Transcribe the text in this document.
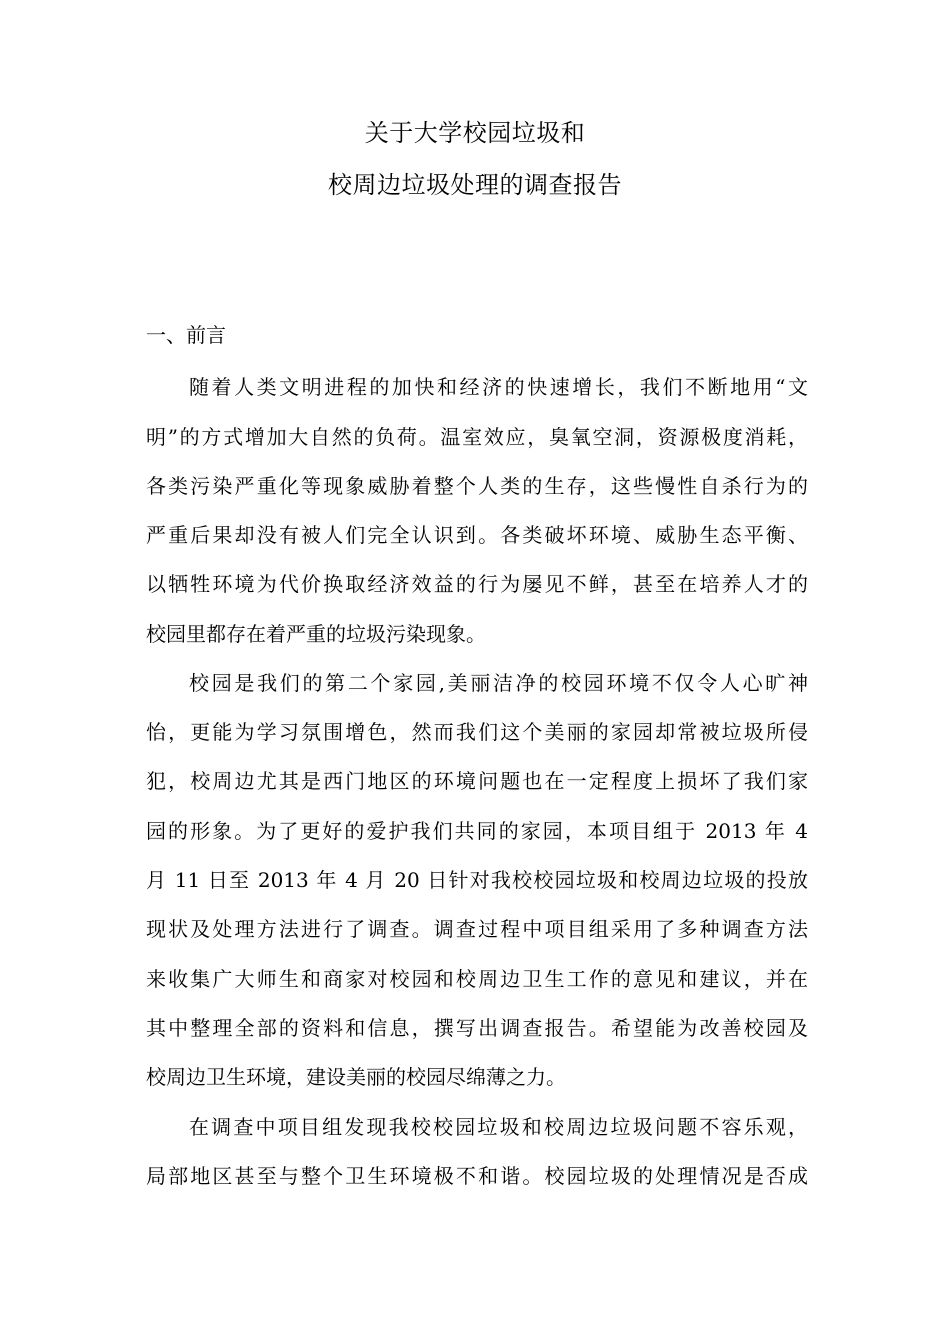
关于大学校园垃圾和
校周边垃圾处理的调查报告
一、前言
随着人类文明进程的加快和经济的快速增长，我们不断地用“文
明”的方式增加大自然的负荷。温室效应，臭氧空洞，资源极度消耗，
各类污染严重化等现象威胁着整个人类的生存，这些慢性自杀行为的
严重后果却没有被人们完全认识到。各类破坏环境、威胁生态平衡、
以牺牲环境为代价换取经济效益的行为屡见不鲜，甚至在培养人才的
校园里都存在着严重的垃圾污染现象。
校园是我们的第二个家园,美丽洁净的校园环境不仅令人心旷神
怡，更能为学习氛围增色，然而我们这个美丽的家园却常被垃圾所侵
犯，校周边尤其是西门地区的环境问题也在一定程度上损坏了我们家
园的形象。为了更好的爱护我们共同的家园，本项目组于 2013 年 4
月 11 日至 2013 年 4 月 20 日针对我校校园垃圾和校周边垃圾的投放
现状及处理方法进行了调查。调查过程中项目组采用了多种调查方法
来收集广大师生和商家对校园和校周边卫生工作的意见和建议，并在
其中整理全部的资料和信息，撰写出调查报告。希望能为改善校园及
校周边卫生环境，建设美丽的校园尽绵薄之力。
在调查中项目组发现我校校园垃圾和校周边垃圾问题不容乐观，
局部地区甚至与整个卫生环境极不和谐。校园垃圾的处理情况是否成
